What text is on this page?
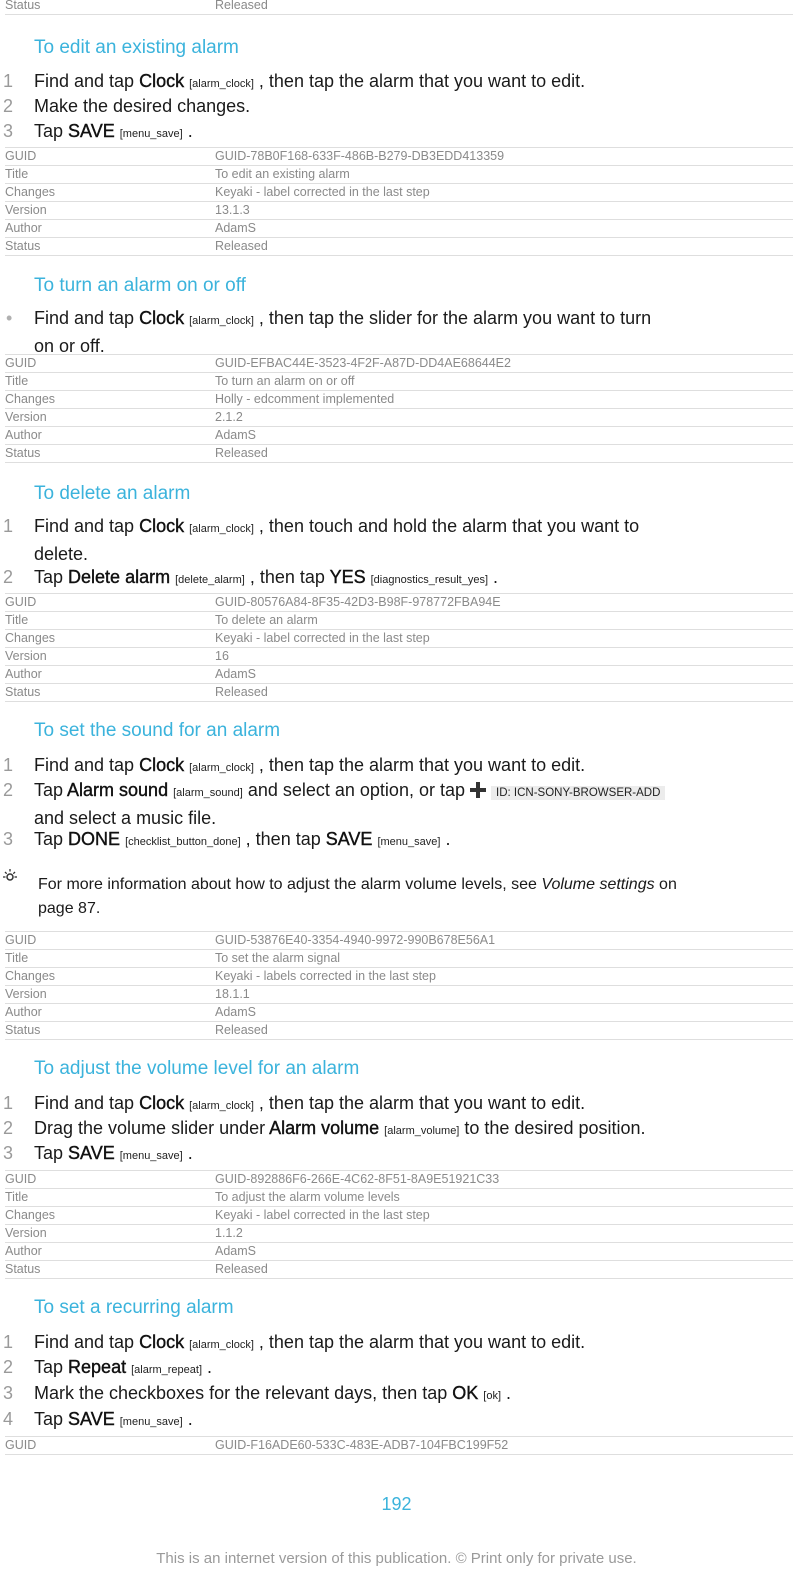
Status	Released
To edit an existing alarm
1 Find and tap Clock [alarm_clock] , then tap the alarm that you want to edit.
2 Make the desired changes.
3 Tap SAVE [menu_save] .
GUID	GUID-78B0F168-633F-486B-B279-DB3EDD413359
Title	To edit an existing alarm
Changes	Keyaki - label corrected in the last step
Version	13.1.3
Author	AdamS
Status	Released
To turn an alarm on or off
• Find and tap Clock [alarm_clock] , then tap the slider for the alarm you want to turn
on or off.
GUID	GUID-EFBAC44E-3523-4F2F-A87D-DD4AE68644E2
Title	To turn an alarm on or off
Changes	Holly - edcomment implemented
Version	2.1.2
Author	AdamS
Status	Released
To delete an alarm
1 Find and tap Clock [alarm_clock] , then touch and hold the alarm that you want to
delete.
2 Tap Delete alarm [delete_alarm] , then tap YES [diagnostics_result_yes] .
GUID	GUID-80576A84-8F35-42D3-B98F-978772FBA94E
Title	To delete an alarm
Changes	Keyaki - label corrected in the last step
Version	16
Author	AdamS
Status	Released
To set the sound for an alarm
1 Find and tap Clock [alarm_clock] , then tap the alarm that you want to edit.
2 Tap Alarm sound [alarm_sound] and select an option, or tap
ID: ICN-SONY-BROWSER-ADD
and select a music file.
3 Tap DONE [checklist_button_done] , then tap SAVE [menu_save] .
For more information about how to adjust the alarm volume levels, see Volume settings on
page 87.
GUID	GUID-53876E40-3354-4940-9972-990B678E56A1
Title	To set the alarm signal
Changes	Keyaki - labels corrected in the last step
Version	18.1.1
Author	AdamS
Status	Released
To adjust the volume level for an alarm
1 Find and tap Clock [alarm_clock] , then tap the alarm that you want to edit.
2 Drag the volume slider under Alarm volume [alarm_volume] to the desired position.
3 Tap SAVE [menu_save] .
GUID	GUID-892886F6-266E-4C62-8F51-8A9E51921C33
Title	To adjust the alarm volume levels
Changes	Keyaki - label corrected in the last step
Version	1.1.2
Author	AdamS
Status	Released
To set a recurring alarm
1 Find and tap Clock [alarm_clock] , then tap the alarm that you want to edit.
2 Tap Repeat [alarm_repeat] .
3 Mark the checkboxes for the relevant days, then tap OK [ok] .
4 Tap SAVE [menu_save] .
GUID	GUID-F16ADE60-533C-483E-ADB7-104FBC199F52
192
This is an internet version of this publication. © Print only for private use.
